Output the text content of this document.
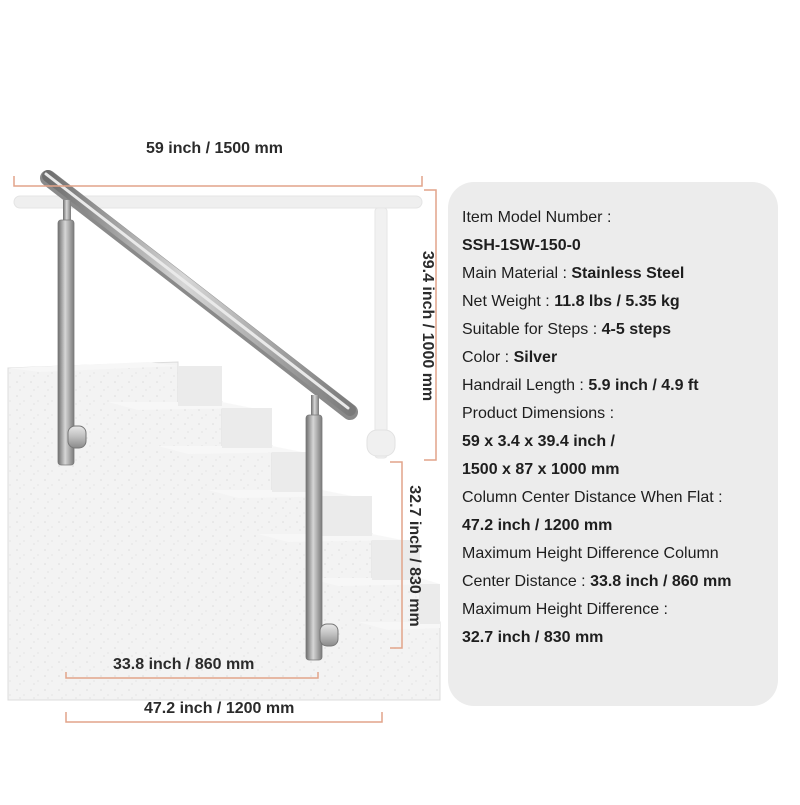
59 inch / 1500 mm
39.4 inch / 1000 mm
32.7 inch / 830 mm
33.8 inch / 860 mm
47.2 inch / 1200 mm
Item Model Number :
SSH-1SW-150-0
Main Material : Stainless Steel
Net Weight : 11.8 lbs / 5.35 kg
Suitable for Steps : 4-5 steps
Color : Silver
Handrail Length : 5.9 inch / 4.9 ft
Product Dimensions :
59 x 3.4 x 39.4 inch /
1500 x 87 x 1000 mm
Column Center Distance When Flat :
47.2 inch / 1200 mm
Maximum Height Difference Column
Center Distance : 33.8 inch / 860 mm
Maximum Height Difference :
32.7 inch / 830 mm
